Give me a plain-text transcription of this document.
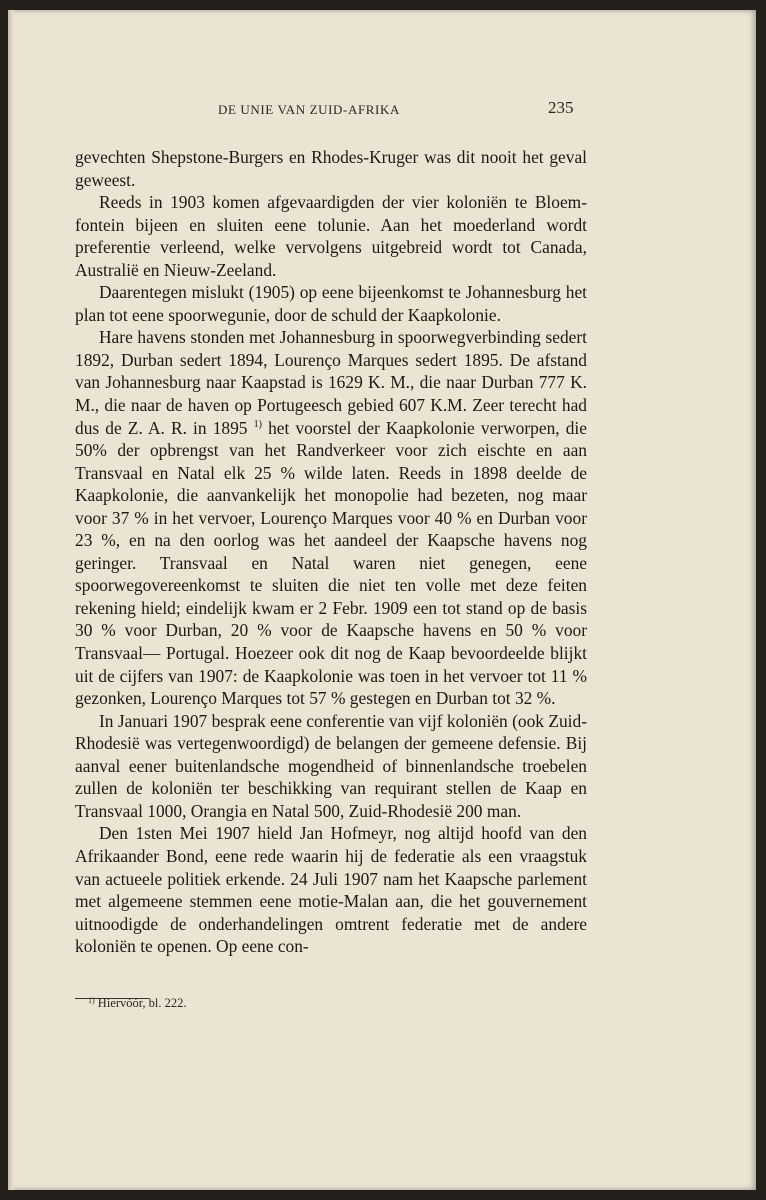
DE UNIE VAN ZUID-AFRIKA	235

gevechten Shepstone-Burgers en Rhodes-Kruger was dit nooit het geval geweest.

Reeds in 1903 komen afgevaardigden der vier koloniën te Bloemfontein bijeen en sluiten eene tolunie. Aan het moederland wordt preferentie verleend, welke vervolgens uitgebreid wordt tot Canada, Australië en Nieuw-Zeeland.

Daarentegen mislukt (1905) op eene bijeenkomst te Johannesburg het plan tot eene spoorwegunie, door de schuld der Kaapkolonie.

Hare havens stonden met Johannesburg in spoorwegverbinding sedert 1892, Durban sedert 1894, Lourenço Marques sedert 1895. De afstand van Johannesburg naar Kaapstad is 1629 K. M., die naar Durban 777 K. M., die naar de haven op Portugeesch gebied 607 K.M. Zeer terecht had dus de Z. A. R. in 1895 $^{1)}$ het voorstel der Kaapkolonie verworpen, die 50% der opbrengst van het Randverkeer voor zich eischte en aan Transvaal en Natal elk 25 % wilde laten. Reeds in 1898 deelde de Kaapkolonie, die aanvankelijk het monopolie had bezeten, nog maar voor 37 % in het vervoer, Lourenço Marques voor 40 % en Durban voor 23 %, en na den oorlog was het aandeel der Kaapsche havens nog geringer. Transvaal en Natal waren niet genegen, eene spoorwegovereenkomst te sluiten die niet ten volle met deze feiten rekening hield; eindelijk kwam er 2 Febr. 1909 een tot stand op de basis 30 % voor Durban, 20 % voor de Kaapsche havens en 50 % voor Transvaal— Portugal. Hoezeer ook dit nog de Kaap bevoordeelde blijkt uit de cijfers van 1907: de Kaapkolonie was toen in het vervoer tot 11 % gezonken, Lourenço Marques tot 57 % gestegen en Durban tot 32 %.

In Januari 1907 besprak eene conferentie van vijf koloniën (ook Zuid-Rhodesië was vertegenwoordigd) de belangen der gemeene defensie. Bij aanval eener buitenlandsche mogendheid of binnenlandsche troebelen zullen de koloniën ter beschikking van requirant stellen de Kaap en Transvaal 1000, Orangia en Natal 500, Zuid-Rhodesië 200 man.

Den 1sten Mei 1907 hield Jan Hofmeyr, nog altijd hoofd van den Afrikaander Bond, eene rede waarin hij de federatie als een vraagstuk van actueele politiek erkende. 24 Juli 1907 nam het Kaapsche parlement met algemeene stemmen eene motie-Malan aan, die het gouvernement uitnoodigde de onderhandelingen omtrent federatie met de andere koloniën te openen. Op eene con-

$^{1)}$ Hiervóór, bl. 222.
